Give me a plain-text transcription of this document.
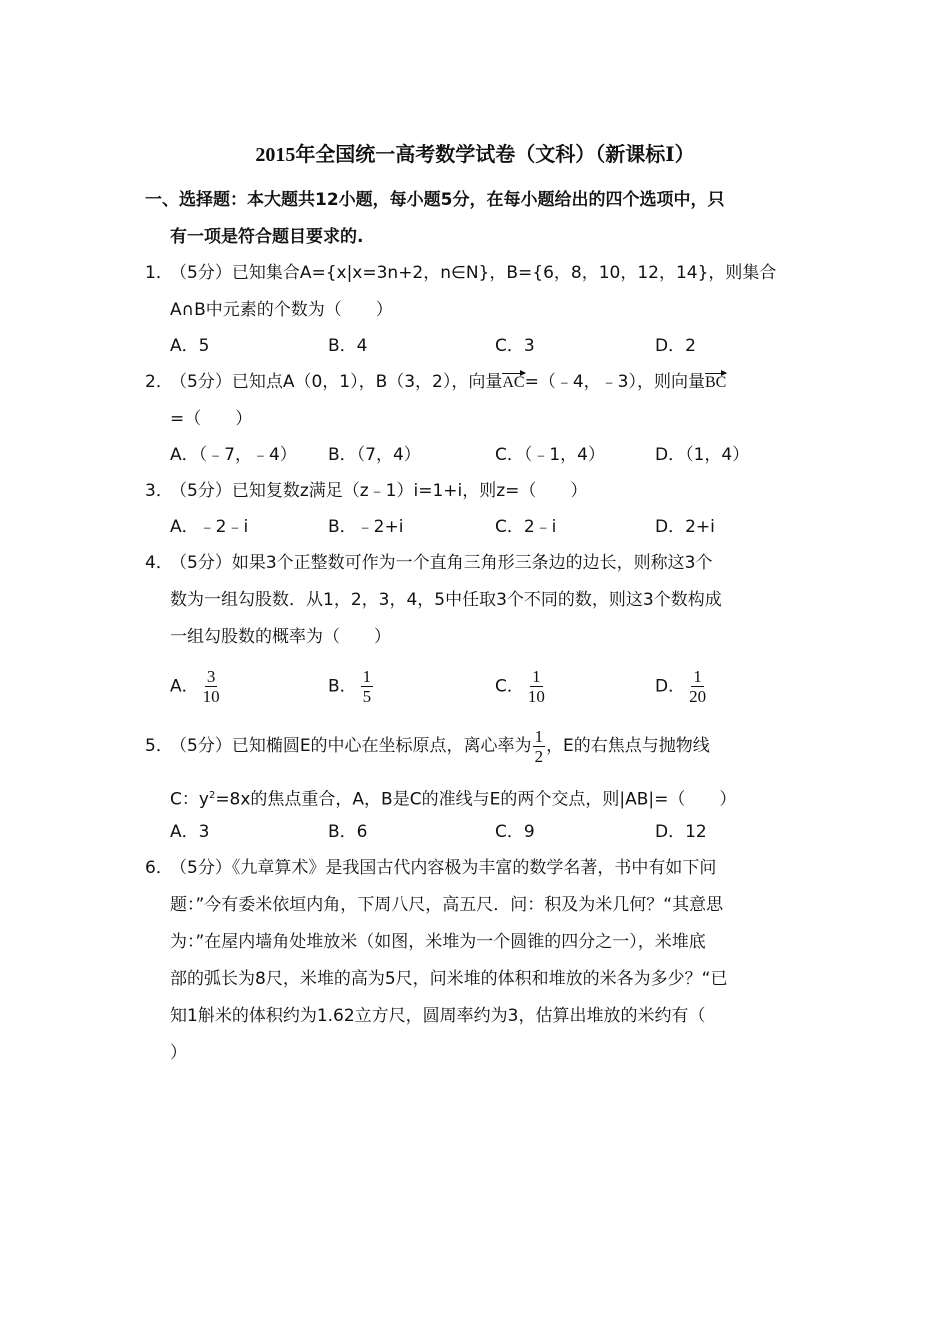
2015年全国统一高考数学试卷（文科）（新课标Ⅰ）
一、选择题：本大题共12小题，每小题5分，在每小题给出的四个选项中，只
有一项是符合题目要求的.
1．
（5分）已知集合A={x|x=3n+2，n∈N}，B={6，8，10，12，14}，则集合
A∩B中元素的个数为（　　）
A．5	B．4	C．3	D．2
2．
（5分）已知点A（0，1），B（3，2），向量AC=（﹣4，﹣3），则向量BC
=（　　）
A．（﹣7，﹣4） B．（7，4）	C．（﹣1，4）	D．（1，4）
3．
（5分）已知复数z满足（z﹣1）i=1+i，则z=（　　）
A．﹣2﹣i	B．﹣2+i	C．2﹣i	D．2+i
4．
（5分）如果3个正整数可作为一个直角三角形三条边的边长，则称这3个
数为一组勾股数．从1，2，3，4，5中任取3个不同的数，则这3个数构成
一组勾股数的概率为（　　）
A． $\frac{3}{10}$	B． $\frac{1}{5}$	C． $\frac{1}{10}$	D． $\frac{1}{20}$
5．
（5分）已知椭圆E的中心在坐标原点，离心率为 $\frac{1}{2}$ ，E的右焦点与抛物线
C：$y^2=8x$的焦点重合，A，B是C的准线与E的两个交点，则|AB|=（　　）
A．3	B．6	C．9	D．12
6．
（5分）《九章算术》是我国古代内容极为丰富的数学名著，书中有如下问
题：”今有委米依垣内角，下周八尺，高五尺．问：积及为米几何？“其意思
为：”在屋内墙角处堆放米（如图，米堆为一个圆锥的四分之一），米堆底
部的弧长为8尺，米堆的高为5尺，问米堆的体积和堆放的米各为多少？“已
知1斛米的体积约为1.62立方尺，圆周率约为3，估算出堆放的米约有（
）
